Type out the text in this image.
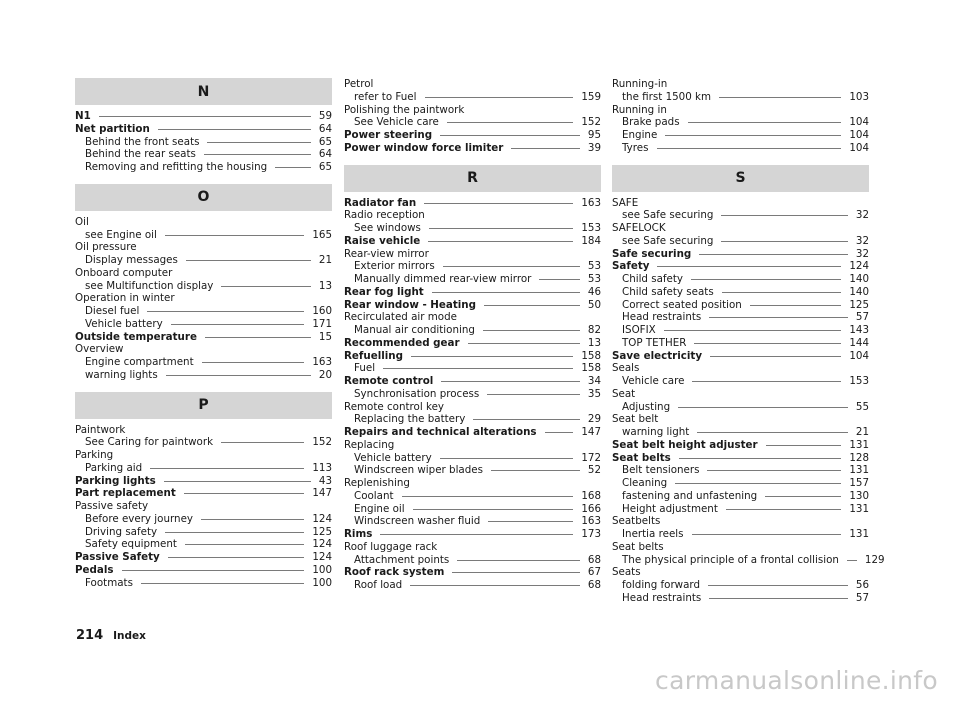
N
N1	59
Net partition	64
Behind the front seats	65
Behind the rear seats	64
Removing and refitting the housing	65
O
Oil
see Engine oil	165
Oil pressure
Display messages	21
Onboard computer
see Multifunction display	13
Operation in winter
Diesel fuel	160
Vehicle battery	171
Outside temperature	15
Overview
Engine compartment	163
warning lights	20
P
Paintwork
See Caring for paintwork	152
Parking
Parking aid	113
Parking lights	43
Part replacement	147
Passive safety
Before every journey	124
Driving safety	125
Safety equipment	124
Passive Safety	124
Pedals	100
Footmats	100
Petrol
refer to Fuel	159
Polishing the paintwork
See Vehicle care	152
Power steering	95
Power window force limiter	39
R
Radiator fan	163
Radio reception
See windows	153
Raise vehicle	184
Rear-view mirror
Exterior mirrors	53
Manually dimmed rear-view mirror	53
Rear fog light	46
Rear window - Heating	50
Recirculated air mode
Manual air conditioning	82
Recommended gear	13
Refuelling	158
Fuel	158
Remote control	34
Synchronisation process	35
Remote control key
Replacing the battery	29
Repairs and technical alterations	147
Replacing
Vehicle battery	172
Windscreen wiper blades	52
Replenishing
Coolant	168
Engine oil	166
Windscreen washer fluid	163
Rims	173
Roof luggage rack
Attachment points	68
Roof rack system	67
Roof load	68
Running-in
the first 1500 km	103
Running in
Brake pads	104
Engine	104
Tyres	104
S
SAFE
see Safe securing	32
SAFELOCK
see Safe securing	32
Safe securing	32
Safety	124
Child safety	140
Child safety seats	140
Correct seated position	125
Head restraints	57
ISOFIX	143
TOP TETHER	144
Save electricity	104
Seals
Vehicle care	153
Seat
Adjusting	55
Seat belt
warning light	21
Seat belt height adjuster	131
Seat belts	128
Belt tensioners	131
Cleaning	157
fastening and unfastening	130
Height adjustment	131
Seatbelts
Inertia reels	131
Seat belts
The physical principle of a frontal collision	129
Seats
folding forward	56
Head restraints	57
214 Index
carmanualsonline.info
